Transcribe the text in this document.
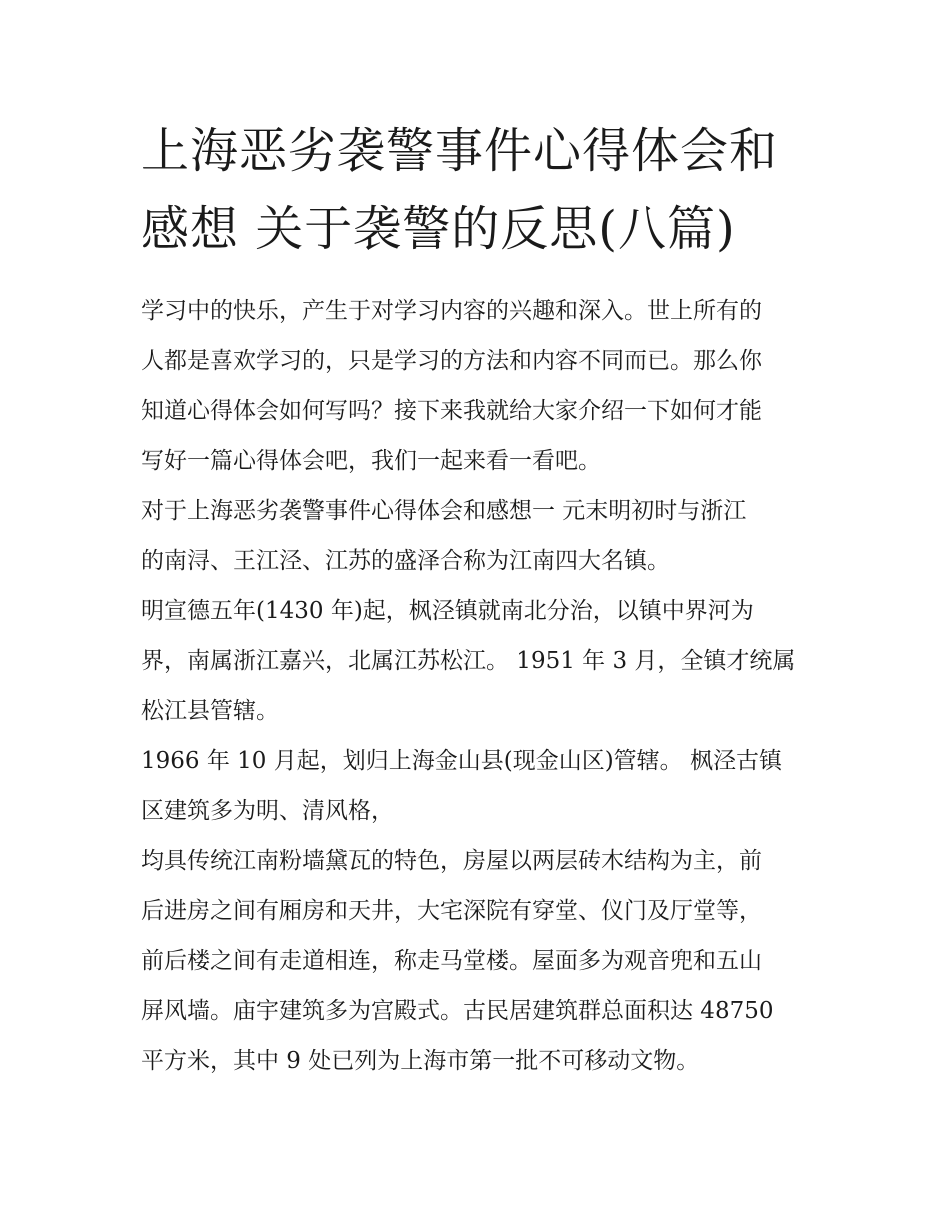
上海恶劣袭警事件心得体会和
感想 关于袭警的反思(八篇)

学习中的快乐，产生于对学习内容的兴趣和深入。世上所有的
人都是喜欢学习的，只是学习的方法和内容不同而已。那么你
知道心得体会如何写吗？接下来我就给大家介绍一下如何才能
写好一篇心得体会吧，我们一起来看一看吧。

对于上海恶劣袭警事件心得体会和感想一 元末明初时与浙江
的南浔、王江泾、江苏的盛泽合称为江南四大名镇。

明宣德五年(1430 年)起，枫泾镇就南北分治，以镇中界河为
界，南属浙江嘉兴，北属江苏松江。 1951 年 3 月，全镇才统属
松江县管辖。

1966 年 10 月起，划归上海金山县(现金山区)管辖。 枫泾古镇
区建筑多为明、清风格，

均具传统江南粉墙黛瓦的特色，房屋以两层砖木结构为主，前
后进房之间有厢房和天井，大宅深院有穿堂、仪门及厅堂等，
前后楼之间有走道相连，称走马堂楼。屋面多为观音兜和五山
屏风墙。庙宇建筑多为宫殿式。古民居建筑群总面积达 48750
平方米，其中 9 处已列为上海市第一批不可移动文物。
